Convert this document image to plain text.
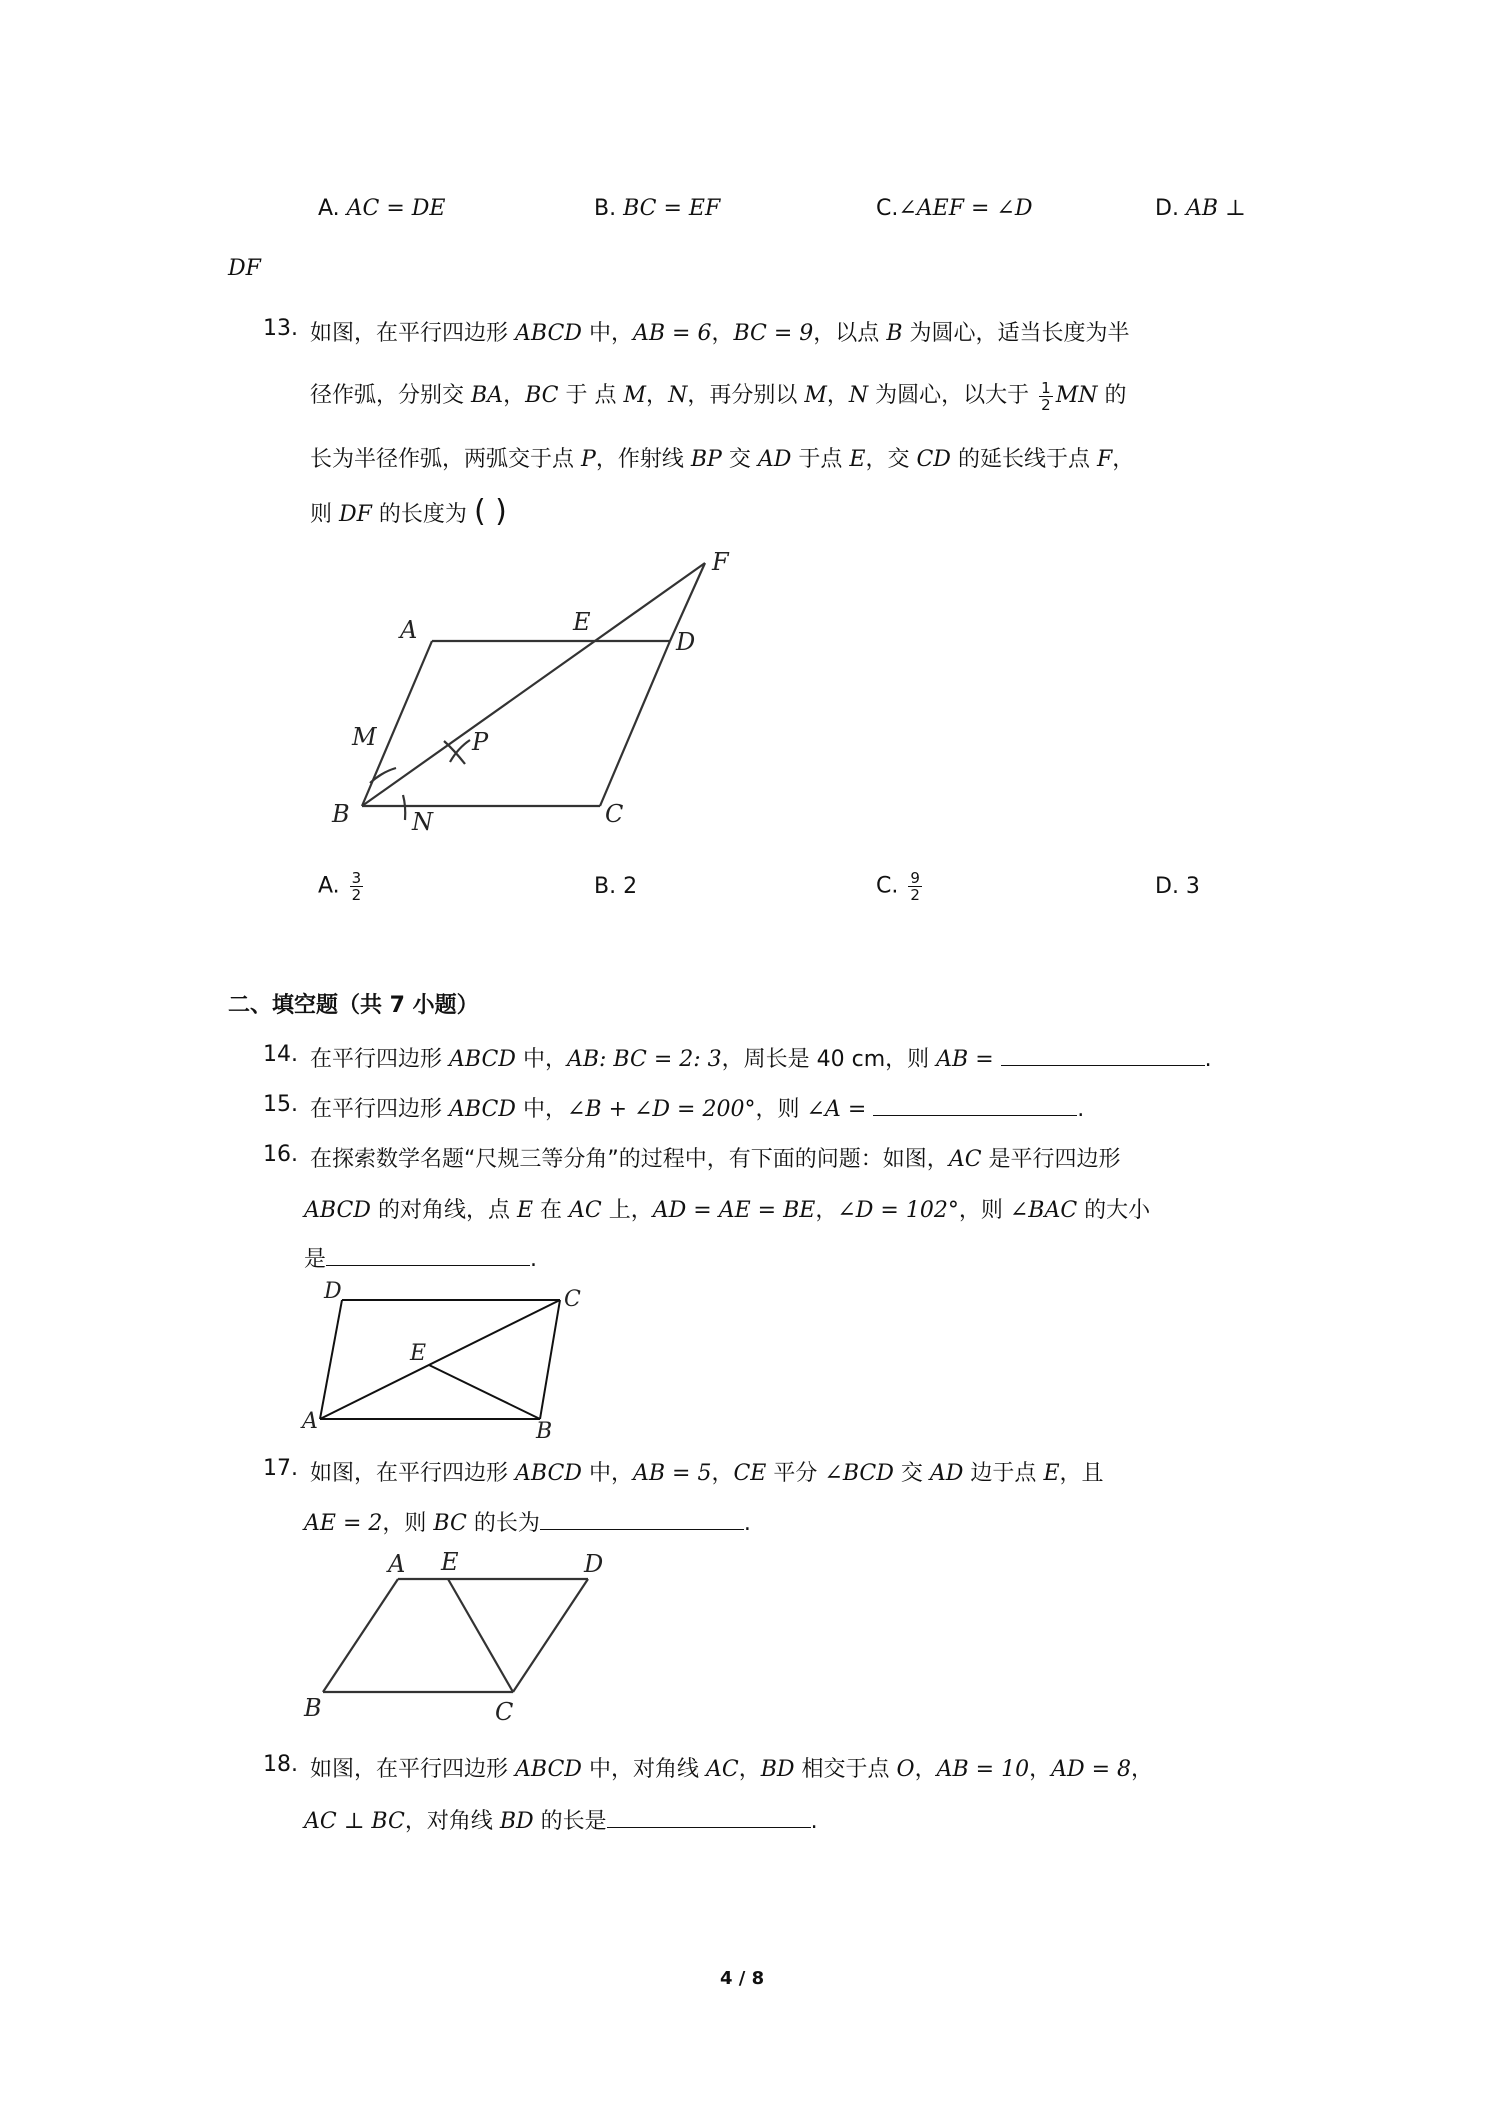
A. AC = DE	B. BC = EF	C.∠AEF = ∠D	D. AB ⊥
DF
13. 如图，在平行四边形 ABCD 中，AB = 6，BC = 9，以点 B 为圆心，适当长度为半
径作弧，分别交 BA，BC 于 点 M，N，再分别以 M，N 为圆心，以大于 $\frac{1}{2}$ MN 的
长为半径作弧，两弧交于点 P，作射线 BP 交 AD 于点 E，交 CD 的延长线于点 F，
则 DF 的长度为 ( )
A	E
D
F
M	P
B	N	C
A. $\frac{3}{2}$	B. 2	C. $\frac{9}{2}$	D. 3
二、填空题（共 7 小题）
14. 在平行四边形 ABCD 中，AB: BC = 2: 3，周长是 40 cm，则 AB =	.
15. 在平行四边形 ABCD 中，∠B + ∠D = 200°，则 ∠A =	.
16. 在探索数学名题“尺规三等分角”的过程中，有下面的问题：如图，AC 是平行四边形
ABCD 的对角线，点 E 在 AC 上，AD = AE = BE，∠D = 102°，则 ∠BAC 的大小
是	.
D	C
E
A	B
17. 如图，在平行四边形 ABCD 中，AB = 5，CE 平分 ∠BCD 交 AD 边于点 E，且
AE = 2，则 BC 的长为	.
A E	D
B	C
18. 如图，在平行四边形 ABCD 中，对角线 AC，BD 相交于点 O，AB = 10，AD = 8，
AC ⊥ BC，对角线 BD 的长是	.
4 / 8
